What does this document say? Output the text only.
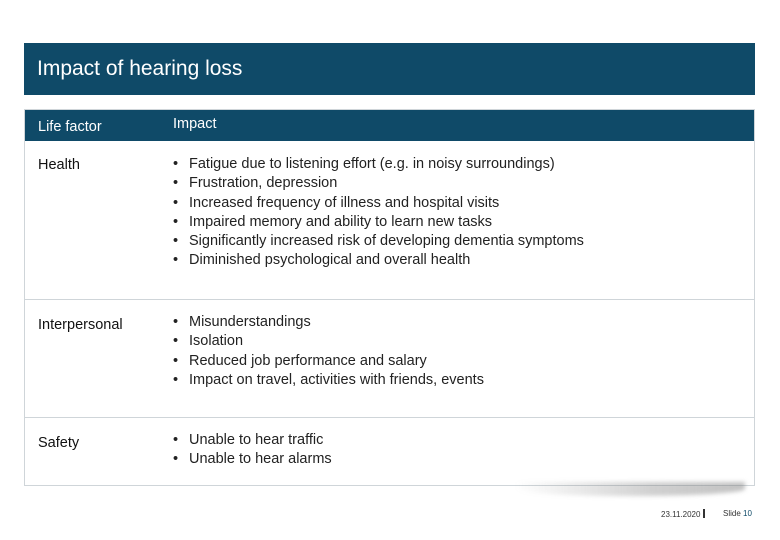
Impact of hearing loss
Life factor	Impact
Health	• Fatigue due to listening effort (e.g. in noisy surroundings)
• Frustration, depression
• Increased frequency of illness and hospital visits
• Impaired memory and ability to learn new tasks
• Significantly increased risk of developing dementia symptoms
• Diminished psychological and overall health
Interpersonal	• Misunderstandings
• Isolation
• Reduced job performance and salary
• Impact on travel, activities with friends, events
Safety	• Unable to hear traffic
• Unable to hear alarms
23.11.2020	Slide 10
